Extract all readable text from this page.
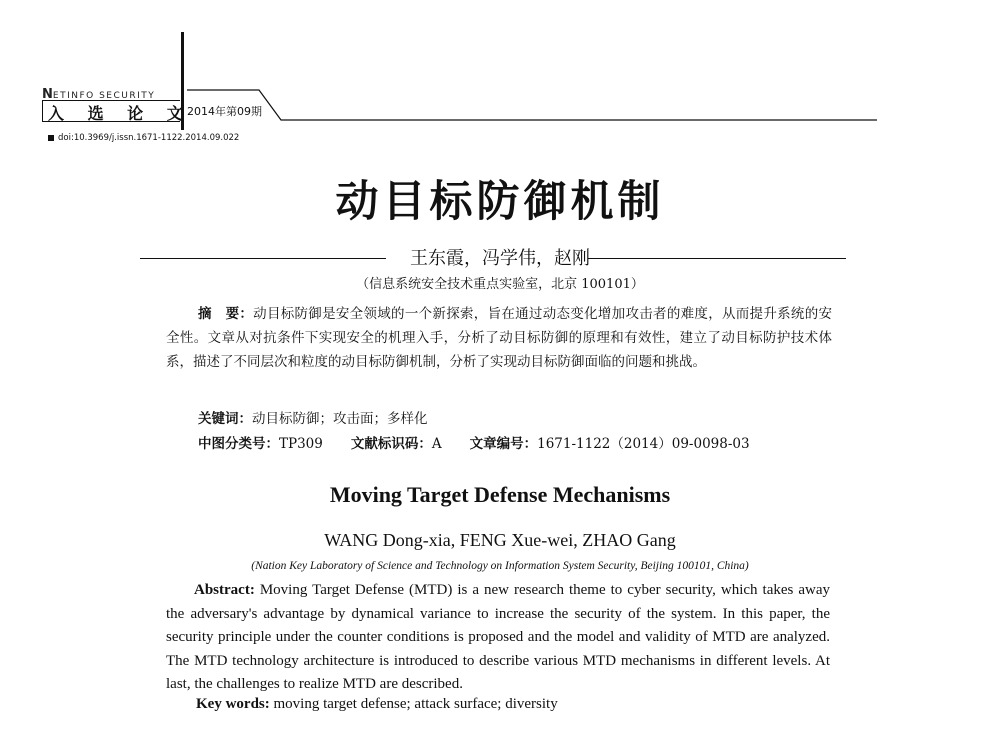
NETINFO SECURITY
入 选 论 文
2014年第09期
doi:10.3969/j.issn.1671-1122.2014.09.022
动目标防御机制
王东霞，冯学伟，赵刚
（信息系统安全技术重点实验室，北京 100101）
摘　要：动目标防御是安全领域的一个新探索，旨在通过动态变化增加攻击者的难度，从而提升系统的安全性。文章从对抗条件下实现安全的机理入手，分析了动目标防御的原理和有效性，建立了动目标防护技术体系，描述了不同层次和粒度的动目标防御机制，分析了实现动目标防御面临的问题和挑战。
关键词：动目标防御；攻击面；多样化
中图分类号：TP309 文献标识码：A 文章编号：1671-1122（2014）09-0098-03
Moving Target Defense Mechanisms
WANG Dong-xia, FENG Xue-wei, ZHAO Gang
(Nation Key Laboratory of Science and Technology on Information System Security, Beijing 100101, China)
Abstract: Moving Target Defense (MTD) is a new research theme to cyber security, which takes away the adversary's advantage by dynamical variance to increase the security of the system. In this paper, the security principle under the counter conditions is proposed and the model and validity of MTD are analyzed. The MTD technology architecture is introduced to describe various MTD mechanisms in different levels. At last, the challenges to realize MTD are described.
Key words: moving target defense; attack surface; diversity
